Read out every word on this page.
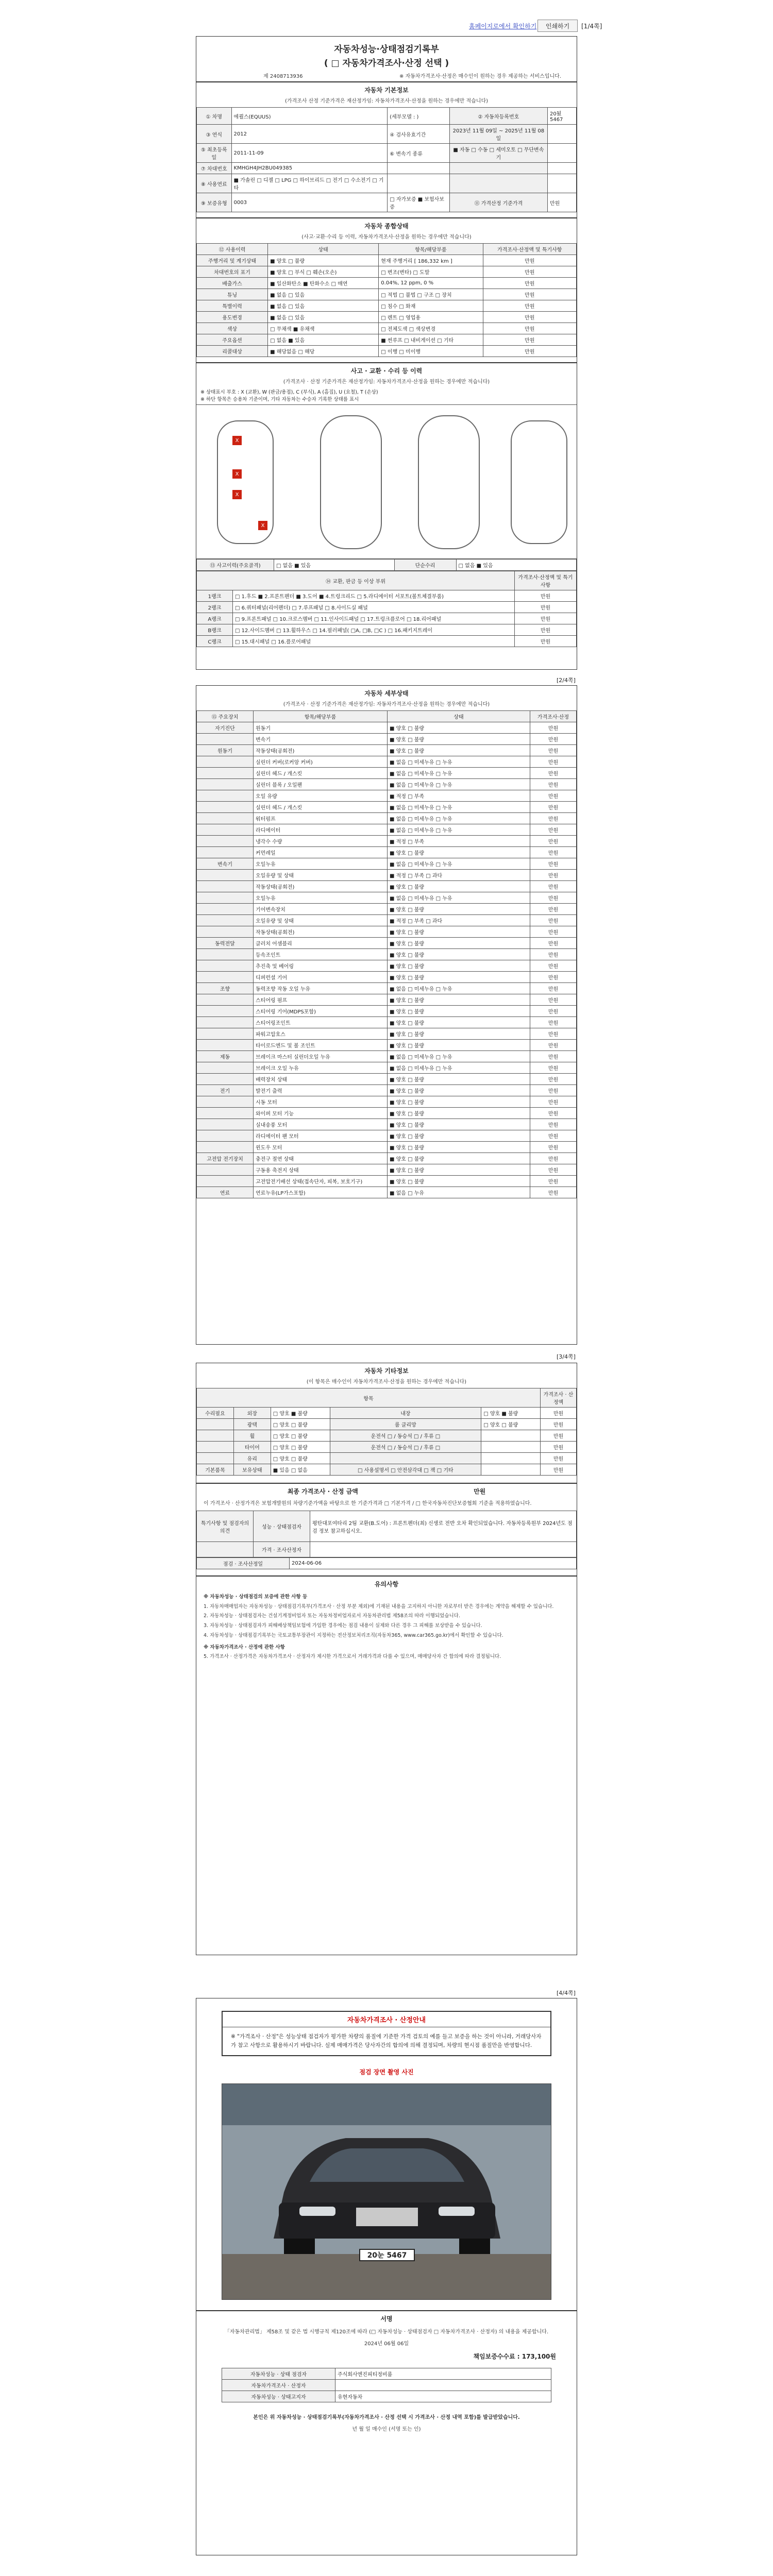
홈페이지로에서 확인하기	인쇄하기	[1/4쪽]
자동차성능·상태점검기록부
( □ 자동차가격조사·산정 선택 )
제 2408713936	※ 자동차가격조사·산정은 매수인이 원하는 경우 제공하는 서비스입니다.
자동차 기본정보
(가격조사 산정 기준가격은 재산정가임: 자동차가격조사·산정을 원하는 경우에만 적습니다)
① 차명	에쾰스(EQUUS)	(세부모델 : )	② 자동차등록번호	20됤5467
③ 연식	2012	④ 검사유효기간	2023년 11월 09일 ~ 2025년 11월 08일	
⑤ 최초등록일	2011-11-09	⑥ 변속기 종류	■ 자동 □ 수동 □ 세미오토 □ 무단변속기	
⑦ 차대번호	KMHGH4JH2BU049385			
⑧ 사용연료	■ 가솔린 □ 디젤 □ LPG □ 하이브리드 □ 전기 □ 수소전기 □ 기타			
⑨ 보증유형	0003	□ 자가보증 ■ 보험사보증	⑪ 가격산정 기준가격	만원
자동차 종합상태
(사고·교환·수리 등 이력, 자동차가격조사·산정을 원하는 경우에만 적습니다)
⑫ 사용이력	상태	항목/해당부품	가격조사·산정액 및 특기사항
주행거리 및 계기상태	■ 양호 □ 불량	현재 주행거리 [ 186,332 km ]	만원
차대번호의 표기	■ 양호 □ 부식 □ 훼손(오손)	□ 변조(변타) □ 도말	만원
배출가스	■ 일산화탄소 ■ 탄화수소 □ 매연	0.04%, 12 ppm, 0 %	만원
튜닝	■ 없음 □ 있음	□ 적법 □ 불법 □ 구조 □ 장치	만원
특별이력	■ 없음 □ 있음	□ 침수 □ 화재	만원
용도변경	■ 없음 □ 있음	□ 렌트 □ 영업용	만원
색상	□ 무채색 ■ 유채색	□ 전체도색 □ 색상변경	만원
주요옵션	□ 없음 ■ 있음	■ 썬루프 □ 내비게이션 □ 기타	만원
리콜대상	■ 해당없음 □ 해당	□ 이행 □ 미이행	만원
사고 · 교환 · 수리 등 이력
(가격조사 · 산정 기준가격은 재산정가임: 자동차가격조사·산정을 원하는 경우에만 적습니다)
※ 상태표시 부호 : X (교환), W (판금/용접), C (부식), A (흠집), U (요철), T (손상)
※ 하단 항목은 승용차 기준이며, 기타 자동차는 수승자 기록한 상태를 표시
X
X
X
X
⑬ 사고이력(주요골격)	□ 없음 ■ 있음	단순수리	□ 없음 ■ 있음
⑭ 교환, 판금 등 이상 부위		가격조사·산정액 및 특기사항
1랭크	□ 1.후드 ■ 2.프론트펜더 ■ 3.도어 ■ 4.트렁크리드 □ 5.라디에이터 서포트(볼트체결부품)	만원
2랭크	□ 6.쿼터패널(리어펜더) □ 7.루프패널 □ 8.사이드실 패널	만원
A랭크	□ 9.프론트패널 □ 10.크로스멤버 □ 11.인사이드패널 □ 17.트렁크플로어 □ 18.리어패널	만원
B랭크	□ 12.사이드멤버 □ 13.휠하우스 □ 14.필러패널( □A, □B, □C ) □ 16.패키지트레이	만원
C랭크	□ 15.대시패널 □ 16.플로어패널	만원
[2/4쪽]
자동차 세부상태
(가격조사 · 산정 기준가격은 재산정가임: 자동차가격조사·산정을 원하는 경우에만 적습니다)
⑮ 주요장치	항목/해당부품	상태	가격조사·산정
자기진단	원동기	■ 양호 □ 불량	만원
	변속기	■ 양호 □ 불량	만원
원동기	작동상태(공회전)	■ 양호 □ 불량	만원
	실린더 커버(로커암 커버)	■ 없음 □ 미세누유 □ 누유	만원
	실린더 헤드 / 개스킷	■ 없음 □ 미세누유 □ 누유	만원
	실린더 블록 / 오일팬	■ 없음 □ 미세누유 □ 누유	만원
	오일 유량	■ 적정 □ 부족	만원
	실린더 헤드 / 개스킷	■ 없음 □ 미세누유 □ 누유	만원
	워터펌프	■ 없음 □ 미세누유 □ 누유	만원
	라디에이터	■ 없음 □ 미세누유 □ 누유	만원
	냉각수 수량	■ 적정 □ 부족	만원
	커먼레일	■ 양호 □ 불량	만원
변속기	오일누유	■ 없음 □ 미세누유 □ 누유	만원
	오일유량 및 상태	■ 적정 □ 부족 □ 과다	만원
	작동상태(공회전)	■ 양호 □ 불량	만원
	오일누유	■ 없음 □ 미세누유 □ 누유	만원
	기어변속장치	■ 양호 □ 불량	만원
	오일유량 및 상태	■ 적정 □ 부족 □ 과다	만원
	작동상태(공회전)	■ 양호 □ 불량	만원
동력전달	클러치 어셈블리	■ 양호 □ 불량	만원
	등속조인트	■ 양호 □ 불량	만원
	추진축 및 베어링	■ 양호 □ 불량	만원
	디퍼런셜 기어	■ 양호 □ 불량	만원
조향	동력조향 작동 오일 누유	■ 없음 □ 미세누유 □ 누유	만원
	스티어링 펌프	■ 양호 □ 불량	만원
	스티어링 기어(MDPS포함)	■ 양호 □ 불량	만원
	스티어링조인트	■ 양호 □ 불량	만원
	파워고압호스	■ 양호 □ 불량	만원
	타이로드엔드 및 볼 조인트	■ 양호 □ 불량	만원
제동	브레이크 마스터 실린더오일 누유	■ 없음 □ 미세누유 □ 누유	만원
	브레이크 오일 누유	■ 없음 □ 미세누유 □ 누유	만원
	배력장치 상태	■ 양호 □ 불량	만원
전기	발전기 출력	■ 양호 □ 불량	만원
	시동 모터	■ 양호 □ 불량	만원
	와이퍼 모터 기능	■ 양호 □ 불량	만원
	실내송풍 모터	■ 양호 □ 불량	만원
	라디에이터 팬 모터	■ 양호 □ 불량	만원
	윈도우 모터	■ 양호 □ 불량	만원
고전압 전기장치	충전구 절연 상태	■ 양호 □ 불량	만원
	구동용 축전지 상태	■ 양호 □ 불량	만원
	고전압전기배선 상태(접속단자, 피복, 보호기구)	■ 양호 □ 불량	만원
연료	연료누유(LP가스포함)	■ 없음 □ 누유	만원
[3/4쪽]
자동차 기타정보
(이 항목은 매수인이 자동차가격조사·산정을 원하는 경우에만 적습니다)
항목					가격조사 · 산정액
수리필요	외장	□ 양호 ■ 불량	내장	□ 양호 ■ 불량	만원
	광택	□ 양호 □ 불량	룸 클리망	□ 양호 □ 불량	만원
	휠	□ 양호 □ 불량	운전석 □ / 동승석 □ / 후류 □		만원
	타이어	□ 양호 □ 불량	운전석 □ / 동승석 □ / 후류 □		만원
	유리	□ 양호 □ 불량			만원
기본품목	보유상태	■ 있음 □ 없음	□ 사용설명서 □ 안전삼각대 □ 잭 □ 기타		만원
최종 가격조사 · 산정 금액	만원
이 가격조사 · 산정가격은 보험개발원의 차량기준가액을 바탕으로 한 기준가격과 □ 기본가격 / □ 한국자동차진단보증협회 기준을 적용하였습니다.
특기사항 및 점검자의 의견	성능 · 상태점검자	평탄대포여타리 2팀 교환(B.도어) : 프론트펜더(최) 신생로 전반 오차 확인되었습니다. 자동차등록원부 2024년도 점검 정보 참고하십시오.
	가격 · 조사산정자	
점검 · 조사산정일	2024-06-06
유의사항

※ 자동차성능 · 상태점검의 보증에 관한 사항 등

1. 자동차매매업자는 자동차성능 · 상태점검기록부(가격조사 · 산정 부분 제외)에 기재된 내용을 고지하지 아니한 자로부터 받은 경우에는 계약을 해제할 수 있습니다.

2. 자동차성능 · 상태점검자는 건설기계정비업자 또는 자동차정비업자로서 자동차관리법 제58조의 따라 이행되었습니다.

3. 자동차성능 · 상태점검자가 피해배상책임보험에 가입한 경우에는 점검 내용이 실제와 다른 경우 그 피해를 보상받을 수 있습니다.

4. 자동차성능 · 상태점검기록부는 국토교통부장관이 지정하는 전산정보처리조직(자동차365, www.car365.go.kr)에서 확인할 수 있습니다.

※ 자동차가격조사 · 산정에 관한 사항

5. 가격조사 · 산정가격은 자동차가격조사 · 산정자가 제시한 가격으로서 거래가격과 다를 수 있으며, 매매당사자 간 합의에 따라 결정됩니다.

[4/4쪽]
자동차가격조사 · 산정안내
※ "가격조사 · 산정"은 성능상태 점검자가 평가한 차량의 품질에 기준한 가격 검토의 예를 들고 보증을 하는 것이 아니라, 거래당사자가 참고 사항으로 활용하시기 바랍니다. 실제 매매가격은 당사자간의 합의에 의해 결정되며, 차량의 현시점 품질만을 반영합니다.
점검 장면 촬영 사진
20눈 5467
서명
「자동차관리법」 제58조 및 같은 법 시행규칙 제120조에 따라 (□ 자동차성능 · 상태점검자 □ 자동차가격조사 · 산정자) 의 내용을 제공합니다.
2024년 06월 06일
책임보증수수료 : 173,100원
자동차성능 · 상태 점검자	주식회사엔진피티정비룸
자동차가격조사 · 산정자	
자동차성능 · 상태고지자	유현자동차
본인은 위 자동차성능 · 상태점검기록부(자동차가격조사 · 산정 선택 시 가격조사 · 산정 내역 포함)를 발급받았습니다.
년 월 일 매수인 (서명 또는 인)
